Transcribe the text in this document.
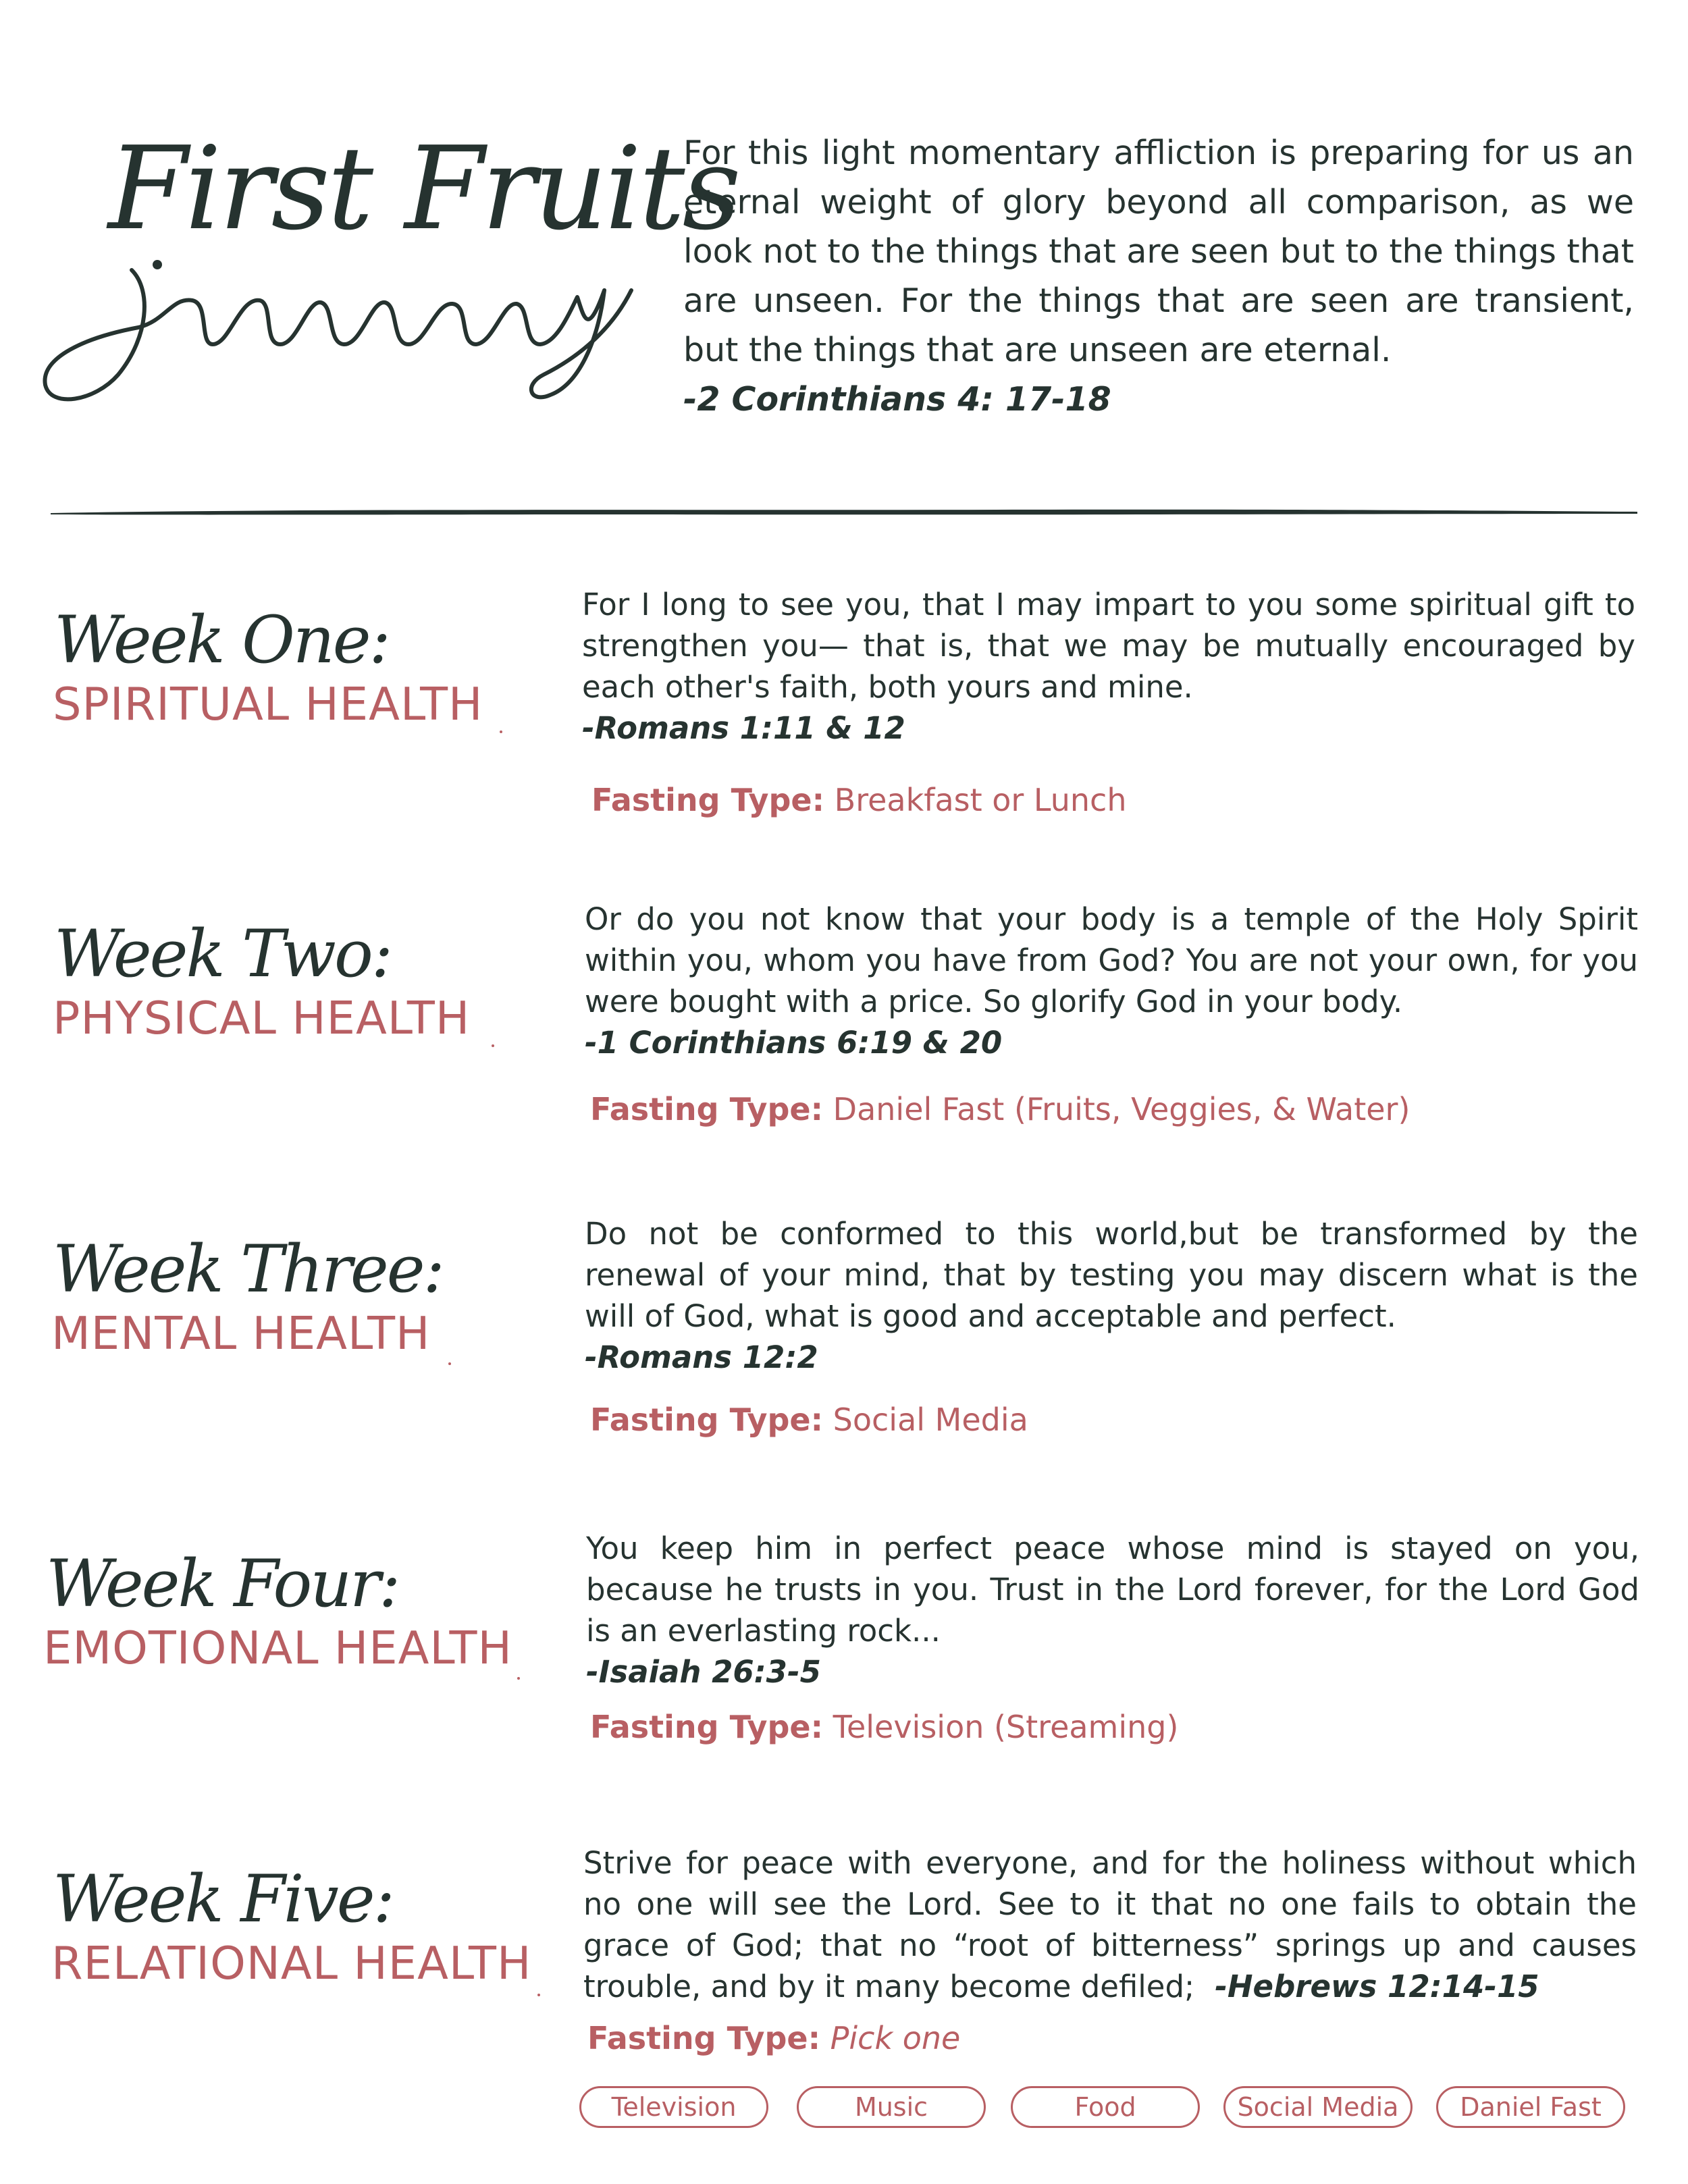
First Fruits
For this light momentary affliction is preparing for us an eternal weight of glory beyond all comparison, as we look not to the things that are seen but to the things that are unseen. For the things that are seen are transient, but the things that are unseen are eternal.
-2 Corinthians 4: 17-18
Week One:
SPIRITUAL HEALTH
For I long to see you, that I may impart to you some spiritual gift to strengthen you— that is, that we may be mutually encouraged by each other's faith, both yours and mine.
-Romans 1:11 & 12
Fasting Type: Breakfast or Lunch
Week Two:
PHYSICAL HEALTH
Or do you not know that your body is a temple of the Holy Spirit within you, whom you have from God? You are not your own, for you were bought with a price. So glorify God in your body.
-1 Corinthians 6:19 & 20
Fasting Type: Daniel Fast (Fruits, Veggies, & Water)
Week Three:
MENTAL HEALTH
Do not be conformed to this world,but be transformed by the renewal of your mind, that by testing you may discern what is the will of God, what is good and acceptable and perfect.
-Romans 12:2
Fasting Type: Social Media
Week Four:
EMOTIONAL HEALTH
You keep him in perfect peace whose mind is stayed on you, because he trusts in you. Trust in the Lord forever, for the Lord God is an everlasting rock...
-Isaiah 26:3-5
Fasting Type: Television (Streaming)
Week Five:
RELATIONAL HEALTH
Strive for peace with everyone, and for the holiness without which no one will see the Lord. See to it that no one fails to obtain the grace of God; that no “root of bitterness” springs up and causes trouble, and by it many become defiled; -Hebrews 12:14-15
Fasting Type: Pick one
Television	Music	Food	Social Media	Daniel Fast
